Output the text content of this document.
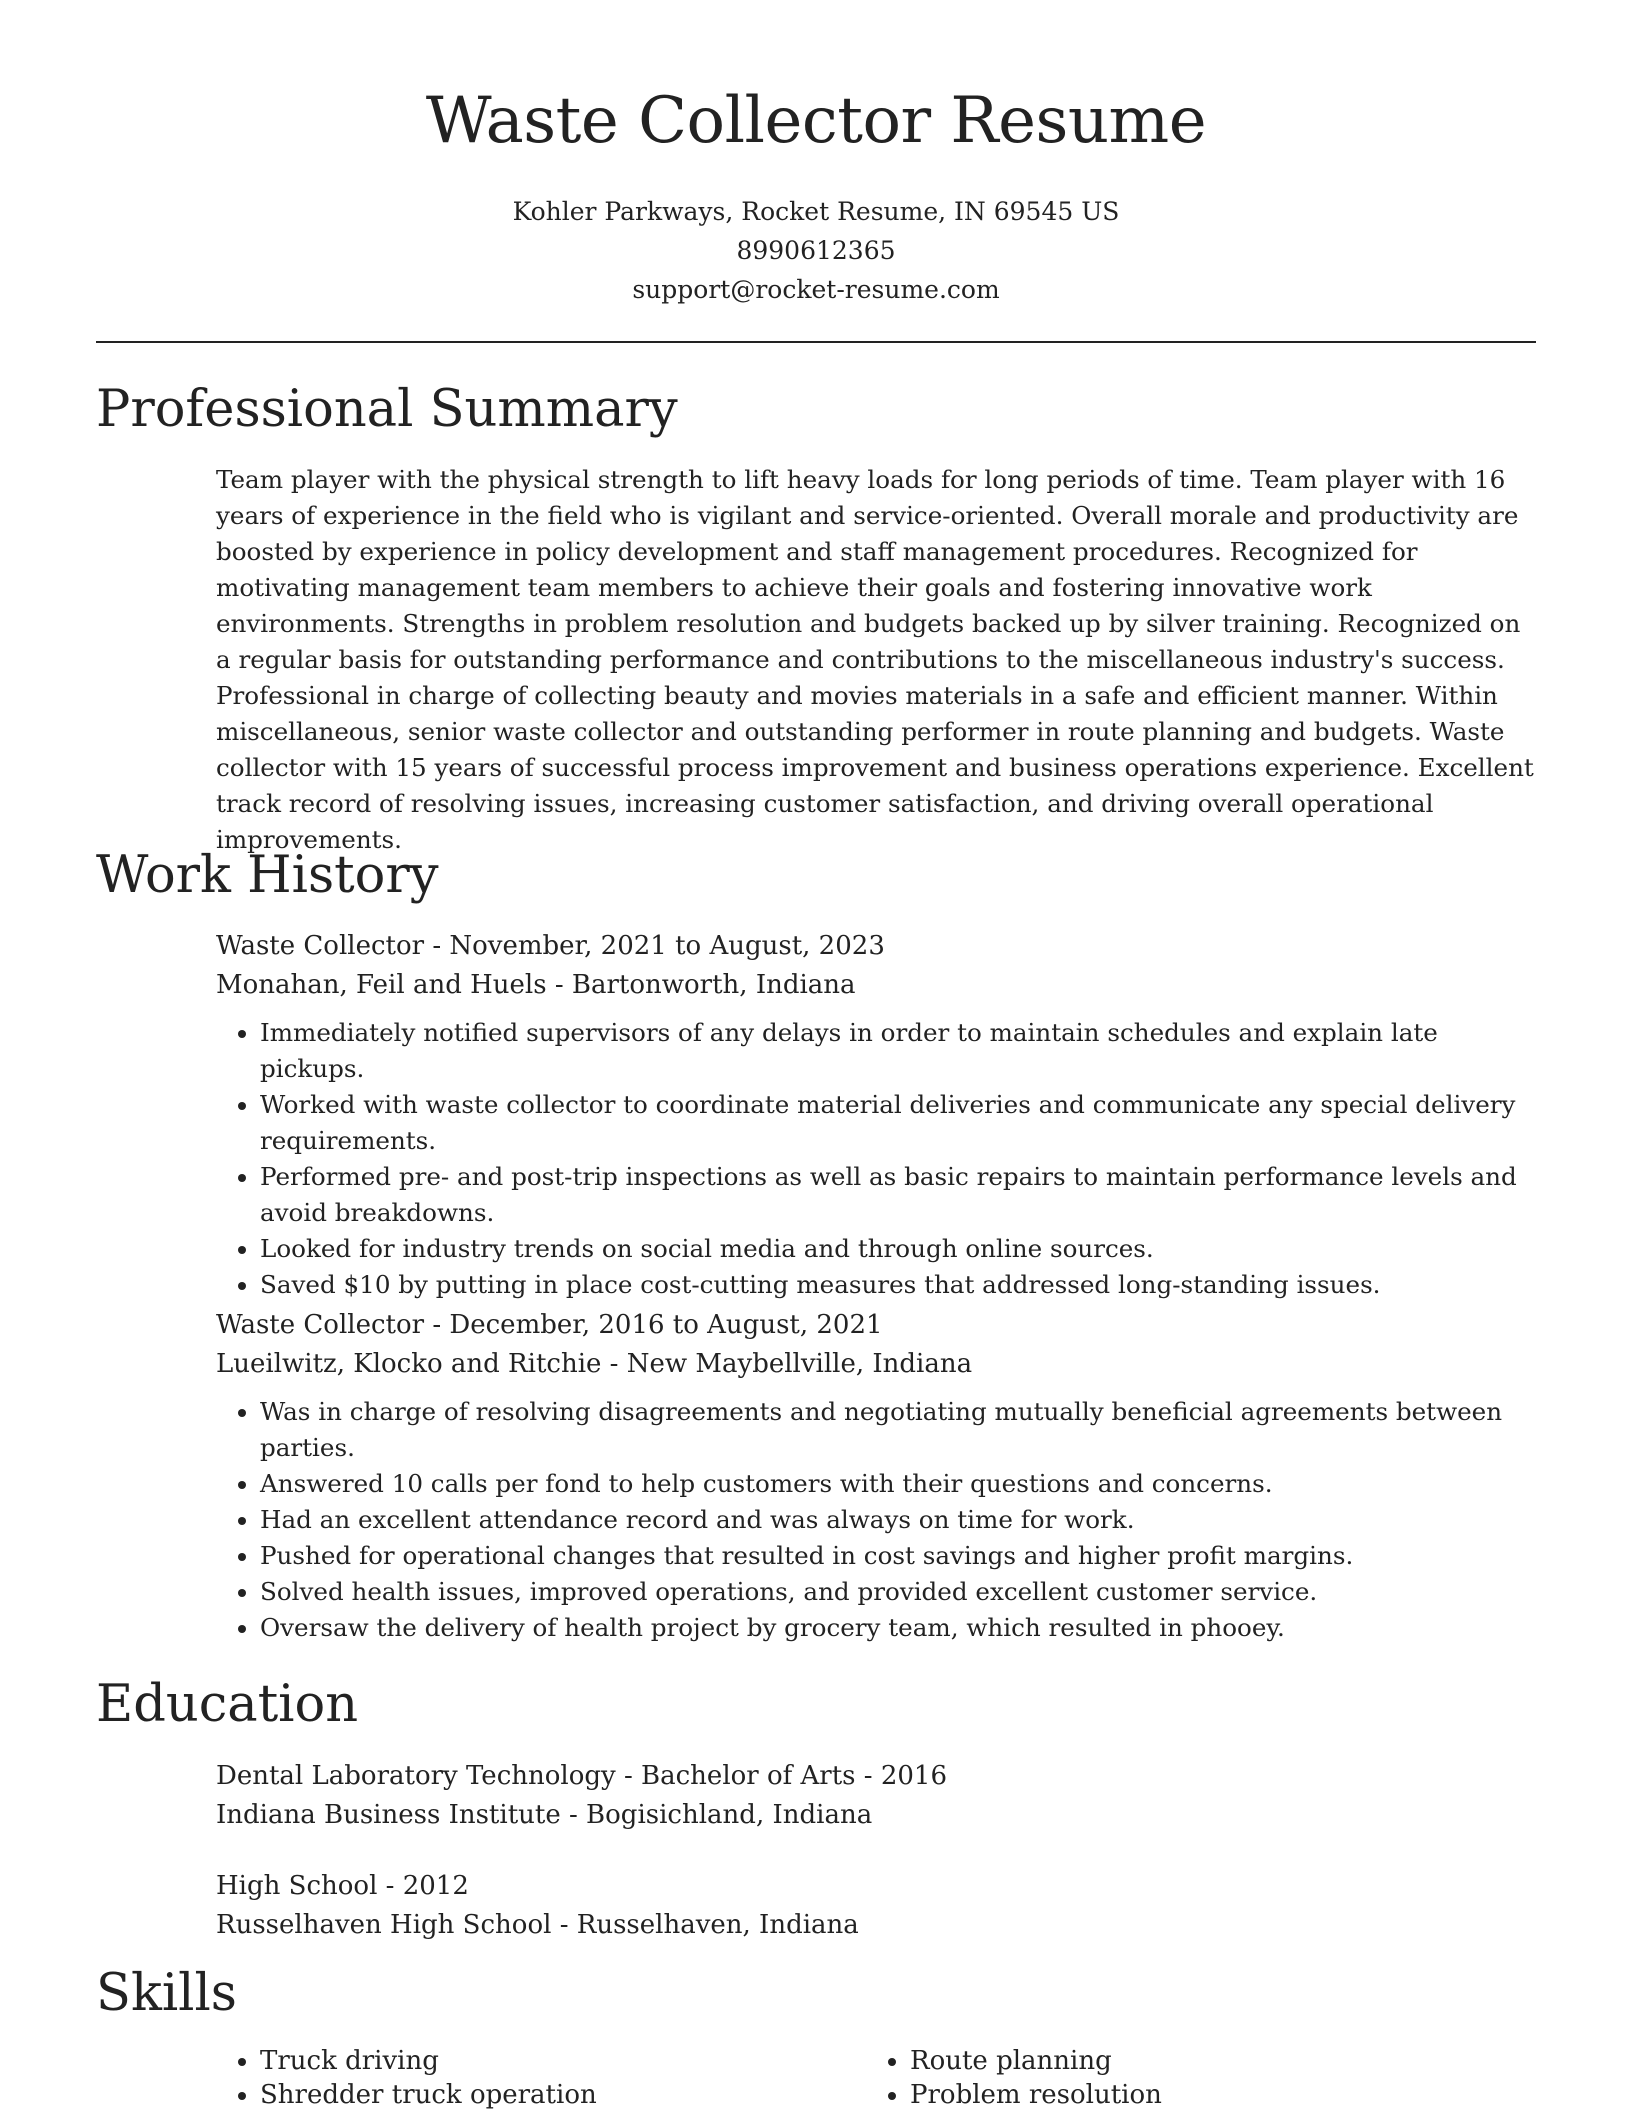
Waste Collector Resume
Kohler Parkways, Rocket Resume, IN 69545 US
8990612365
support@rocket-resume.com
Professional Summary
Team player with the physical strength to lift heavy loads for long periods of time. Team player with 16 years of experience in the field who is vigilant and service-oriented. Overall morale and productivity are boosted by experience in policy development and staff management procedures. Recognized for motivating management team members to achieve their goals and fostering innovative work environments. Strengths in problem resolution and budgets backed up by silver training. Recognized on a regular basis for outstanding performance and contributions to the miscellaneous industry's success. Professional in charge of collecting beauty and movies materials in a safe and efficient manner. Within miscellaneous, senior waste collector and outstanding performer in route planning and budgets. Waste collector with 15 years of successful process improvement and business operations experience. Excellent track record of resolving issues, increasing customer satisfaction, and driving overall operational improvements.
Work History

Waste Collector - November, 2021 to August, 2023

Monahan, Feil and Huels - Bartonworth, Indiana

• Immediately notified supervisors of any delays in order to maintain schedules and explain late pickups.
• Worked with waste collector to coordinate material deliveries and communicate any special delivery requirements.
• Performed pre- and post-trip inspections as well as basic repairs to maintain performance levels and avoid breakdowns.
• Looked for industry trends on social media and through online sources.
• Saved $10 by putting in place cost-cutting measures that addressed long-standing issues.

Waste Collector - December, 2016 to August, 2021

Lueilwitz, Klocko and Ritchie - New Maybellville, Indiana

• Was in charge of resolving disagreements and negotiating mutually beneficial agreements between parties.
• Answered 10 calls per fond to help customers with their questions and concerns.
• Had an excellent attendance record and was always on time for work.
• Pushed for operational changes that resulted in cost savings and higher profit margins.
• Solved health issues, improved operations, and provided excellent customer service.
• Oversaw the delivery of health project by grocery team, which resulted in phooey.
Education

Dental Laboratory Technology - Bachelor of Arts - 2016

Indiana Business Institute - Bogisichland, Indiana

High School - 2012

Russelhaven High School - Russelhaven, Indiana

Skills
• Truck driving
• Shredder truck operation
• Route planning
• Problem resolution
